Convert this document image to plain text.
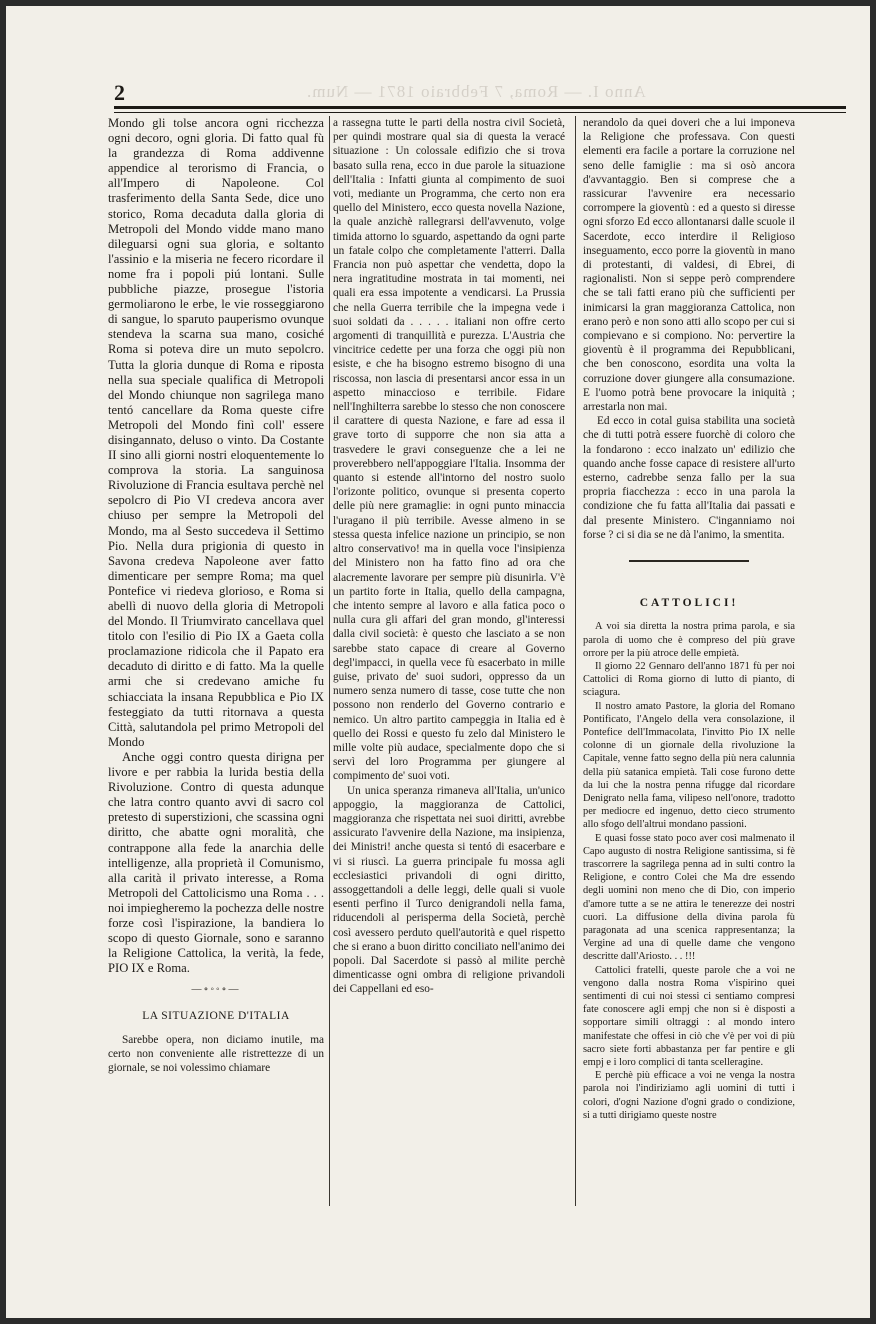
2	Anno I. — Roma, 7 Febbraio 1871 — Num.

Mondo gli tolse ancora ogni ricchezza ogni decoro, ogni gloria. Di fatto qual fù la grandezza di Roma addivenne appendice al terorismo di Francia, o all'Impero di Napoleone. Col trasferimento della Santa Sede, dice uno storico, Roma decaduta dalla gloria di Metropoli del Mondo vidde mano mano dileguarsi ogni sua gloria, e soltanto l'assinio e la miseria ne fecero ricordare il nome fra i popoli piú lontani. Sulle pubbliche piazze, prosegue l'istoria germoliarono le erbe, le vie rosseggiarono di sangue, lo sparuto pauperismo ovunque stendeva la scarna sua mano, cosiché Roma si poteva dire un muto sepolcro. Tutta la gloria dunque di Roma e riposta nella sua speciale qualifica di Metropoli del Mondo chiunque non sagrilega mano tentó cancellare da Roma queste cifre Metropoli del Mondo finì coll' essere disingannato, deluso o vinto. Da Costante II sino alli giorni nostri eloquentemente lo comprova la storia. La sanguinosa Rivoluzione di Francia esultava perchè nel sepolcro di Pio VI credeva ancora aver chiuso per sempre la Metropoli del Mondo, ma al Sesto succedeva il Settimo Pio. Nella dura prigionia di questo in Savona credeva Napoleone aver fatto dimenticare per sempre Roma; ma quel Pontefice vi riedeva glorioso, e Roma si abellì di nuovo della gloria di Metropoli del Mondo. Il Triumvirato cancellava quel titolo con l'esilio di Pio IX a Gaeta colla proclamazione ridicola che il Papato era decaduto di diritto e di fatto. Ma la quelle armi che si credevano amiche fu schiacciata la insana Repubblica e Pio IX festeggiato da tutti ritornava a questa Città, salutandola pel primo Metropoli del Mondo

Anche oggi contro questa dirigna per livore e per rabbia la lurida bestia della Rivoluzione. Contro di questa adunque che latra contro quanto avvi di sacro col pretesto di superstizioni, che scassina ogni diritto, che abatte ogni moralità, che contrappone alla fede la anarchia delle intelligenze, alla proprietà il Comunismo, alla carità il privato interesse, a Roma Metropoli del Cattolicismo una Roma . . . noi impiegheremo la pochezza delle nostre forze così l'ispirazione, la bandiera lo scopo di questo Giornale, sono e saranno la Religione Cattolica, la verità, la fede, PIO IX e Roma.

—∘◦◦∘—
LA SITUAZIONE D'ITALIA

Sarebbe opera, non diciamo inutile, ma certo non conveniente alle ristrettezze di un giornale, se noi volessimo chiamare

a rassegna tutte le parti della nostra civil Società, per quindi mostrare qual sia di questa la veracé situazione : Un colossale edifizio che si trova basato sulla rena, ecco in due parole la situazione dell'Italia : Infatti giunta al compimento de suoi voti, mediante un Programma, che certo non era quello del Ministero, ecco questa novella Nazione, la quale anzichè rallegrarsi dell'avvenuto, volge timida attorno lo sguardo, aspettando da ogni parte un fatale colpo che completamente l'atterri. Dalla Francia non può aspettar che vendetta, dopo la nera ingratitudine mostrata in tai momenti, nei quali era essa impotente a vendicarsi. La Prussia che nella Guerra terribile che la impegna vede i suoi soldati da . . . . . italiani non offre certo argomenti di tranquillità e purezza. L'Austria che vincitrice cedette per una forza che oggi più non esiste, e che ha bisogno estremo bisogno di una riscossa, non lascia di presentarsi ancor essa in un aspetto minaccioso e terribile. Fidare nell'Inghilterra sarebbe lo stesso che non conoscere il carattere di questa Nazione, e fare ad essa il grave torto di supporre che non sia atta a trasvedere le gravi conseguenze che a lei ne proverebbero nell'appoggiare l'Italia. Insomma der quanto si estende all'intorno del nostro suolo l'orizonte politico, ovunque si presenta coperto delle più nere gramaglie: in ogni punto minaccia l'uragano il più terribile. Avesse almeno in se stessa questa infelice nazione un principio, se non altro conservativo! ma in quella voce l'insipienza del Ministero non ha fatto fino ad ora che alacremente lavorare per sempre più disunirla. V'è un partito forte in Italia, quello della campagna, che intento sempre al lavoro e alla fatica poco o nulla cura gli affari del gran mondo, gl'interessi dalla civil società: è questo che lasciato a se non sarebbe stato capace di creare al Governo degl'impacci, in quella vece fù esacerbato in mille guise, privato de' suoi sudori, oppresso da un numero senza numero di tasse, cose tutte che non possono non renderlo del Governo contrario e nemico. Un altro partito campeggia in Italia ed è quello dei Rossi e questo fu zelo dal Ministero le mille volte più audace, specialmente dopo che si servì del loro Programma per giungere al compimento de' suoi voti.

Un unica speranza rimaneva all'Italia, un'unico appoggio, la maggioranza de Cattolici, maggioranza che rispettata nei suoi diritti, avrebbe assicurato l'avvenire della Nazione, ma insipienza, dei Ministri! anche questa si tentó di esacerbare e vi si riuscì. La guerra principale fu mossa agli ecclesiastici privandoli di ogni diritto, assoggettandoli a delle leggi, delle quali si vuole esenti perfino il Turco denigrandoli nella fama, riducendoli al perisperma della Società, perchè così avessero perduto quell'autorità e quel rispetto che si erano a buon diritto conciliato nell'animo dei popoli. Dal Sacerdote si passò al milite perchè dimenticasse ogni ombra di religione privandoli dei Cappellani ed eso-

nerandolo da quei doveri che a lui imponeva la Religione che professava. Con questi elementi era facile a portare la corruzione nel seno delle famiglie : ma si osò ancora d'avvantaggio. Ben si comprese che a rassicurar l'avvenire era necessario corrompere la gioventù : ed a questo si diresse ogni sforzo Ed ecco allontanarsi dalle scuole il Sacerdote, ecco interdire il Religioso inseguamento, ecco porre la gioventù in mano di protestanti, di valdesi, di Ebrei, di ragionalisti. Non si seppe però comprendere che se tali fatti erano più che sufficienti per inimicarsi la gran maggioranza Cattolica, non erano però e non sono atti allo scopo per cui si compievano e si compiono. No: pervertire la gioventù è il programma dei Repubblicani, che ben conoscono, esordita una volta la corruzione dover giungere alla consumazione. E l'uomo potrà bene provocare la iniquità ; arrestarla non mai.

Ed ecco in cotal guisa stabilita una società che di tutti potrà essere fuorchè di coloro che la fondarono : ecco inalzato un' edilizio che quando anche fosse capace di resistere all'urto esterno, cadrebbe senza fallo per la sua propria fiacchezza : ecco in una parola la condizione che fu fatta all'Italia dai passati e dal presente Ministero. C'inganniamo noi forse ? ci si dia se ne dà l'animo, la smentita.

CATTOLICI!

A voi sia diretta la nostra prima parola, e sia parola di uomo che è compreso del più grave orrore per la più atroce delle empietà.

Il giorno 22 Gennaro dell'anno 1871 fù per noi Cattolici di Roma giorno di lutto di pianto, di sciagura.

Il nostro amato Pastore, la gloria del Romano Pontificato, l'Angelo della vera consolazione, il Pontefice dell'Immacolata, l'invitto Pio IX nelle colonne di un giornale della rivoluzione la Capitale, venne fatto segno della più nera calunnia della più satanica empietà. Tali cose furono dette da lui che la nostra penna rifugge dal ricordare Denigrato nella fama, vilipeso nell'onore, tradotto per mediocre ed ingenuo, detto cieco strumento allo sfogo dell'altrui mondano passioni.

E quasi fosse stato poco aver così malmenato il Capo augusto di nostra Religione santissima, si fè trascorrere la sagrilega penna ad in sulti contro la Religione, e contro Colei che Ma dre essendo degli uomini non meno che di Dio, con imperio d'amore tutte a se ne attira le tenerezze dei nostri cuori. La diffusione della divina parola fù paragonata ad una scenica rappresentanza; la Vergine ad una di quelle dame che vengono descritte dall'Ariosto. . . !!!

Cattolici fratelli, queste parole che a voi ne vengono dalla nostra Roma v'ispirino quei sentimenti di cui noi stessi ci sentiamo compresi fate conoscere agli empj che non si è disposti a sopportare simili oltraggi : al mondo intero manifestate che offesi in ciò che v'è per voi di più sacro siete forti abbastanza per far pentire e gli empj e i loro complici di tanta scelleragine.

E perchè più efficace a voi ne venga la nostra parola noi l'indiriziamo agli uomini di tutti i colori, d'ogni Nazione d'ogni grado o condizione, si a tutti dirigiamo queste nostre
